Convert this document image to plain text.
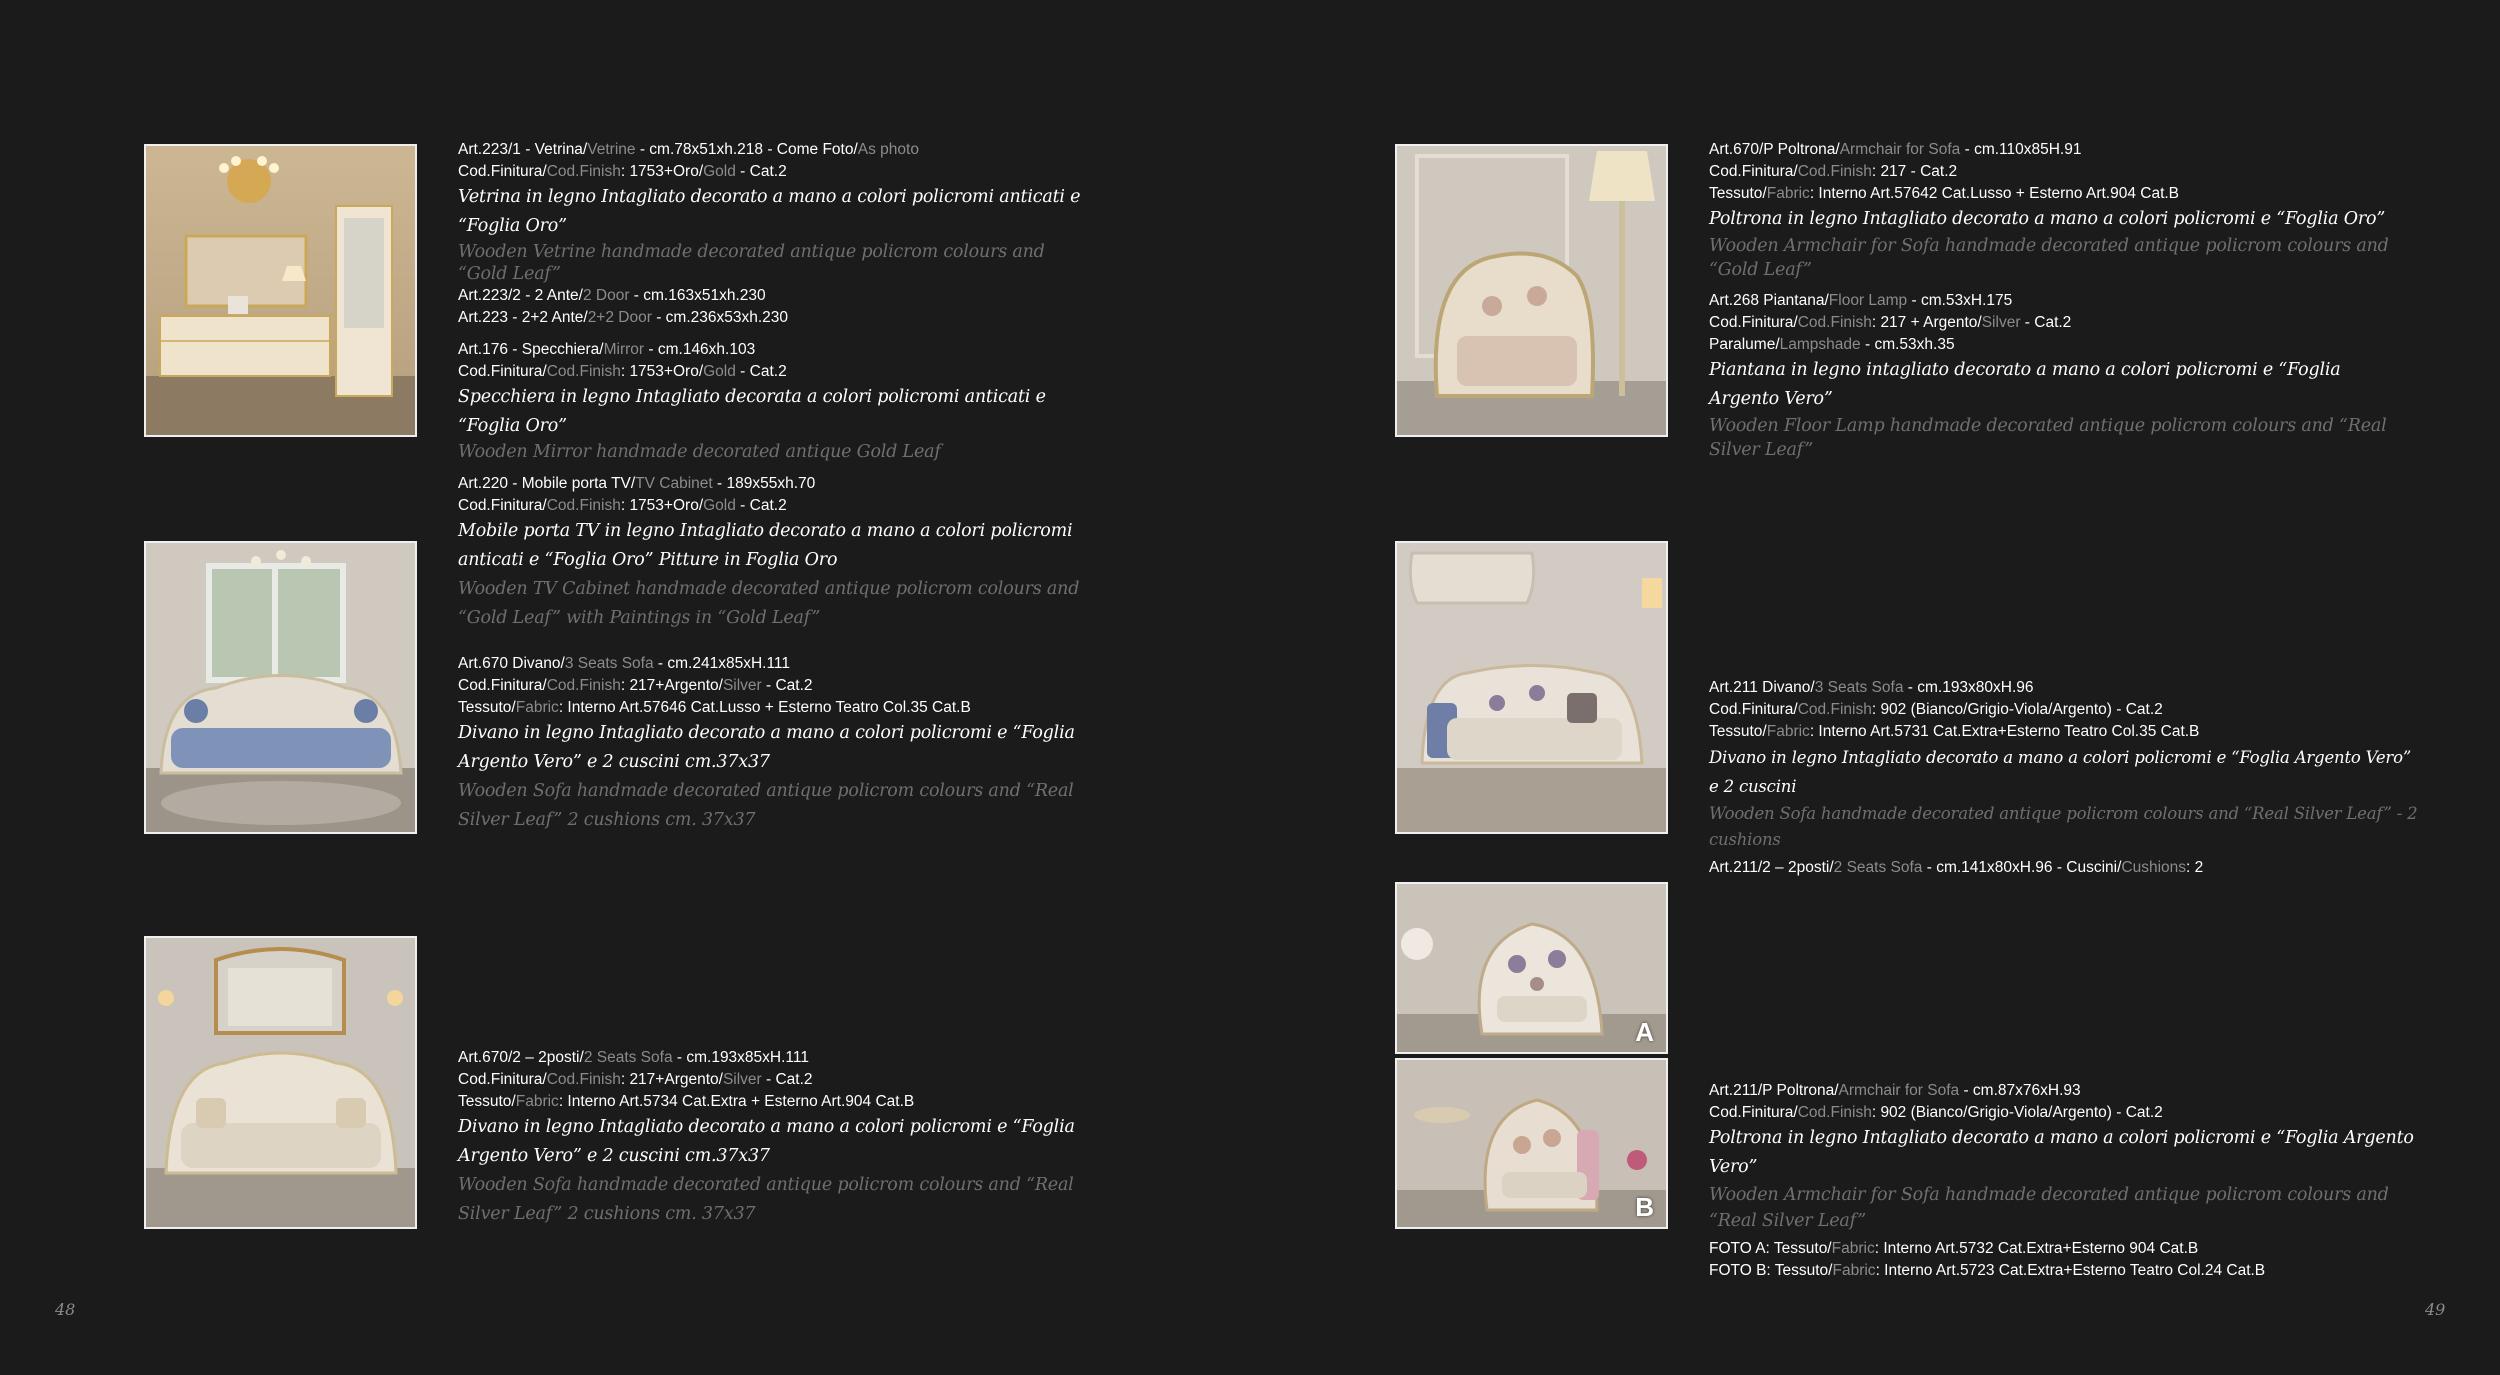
Art.223/1 - Vetrina/Vetrine - cm.78x51xh.218 - Come Foto/As photo
Cod.Finitura/Cod.Finish: 1753+Oro/Gold - Cat.2
Vetrina in legno Intagliato decorato a mano a colori policromi anticati e “Foglia Oro”
Wooden Vetrine handmade decorated antique policrom colours and “Gold Leaf”
Art.223/2 - 2 Ante/2 Door - cm.163x51xh.230
Art.223 - 2+2 Ante/2+2 Door - cm.236x53xh.230
Art.176 - Specchiera/Mirror - cm.146xh.103
Cod.Finitura/Cod.Finish: 1753+Oro/Gold - Cat.2
Specchiera in legno Intagliato decorata a colori policromi anticati e “Foglia Oro”
Wooden Mirror handmade decorated antique Gold Leaf
Art.220 - Mobile porta TV/TV Cabinet - 189x55xh.70
Cod.Finitura/Cod.Finish: 1753+Oro/Gold - Cat.2
Mobile porta TV in legno Intagliato decorato a mano a colori policromi anticati e “Foglia Oro” Pitture in Foglia Oro
Wooden TV Cabinet handmade decorated antique policrom colours and “Gold Leaf” with Paintings in “Gold Leaf”
Art.670 Divano/3 Seats Sofa - cm.241x85xH.111
Cod.Finitura/Cod.Finish: 217+Argento/Silver - Cat.2
Tessuto/Fabric: Interno Art.57646 Cat.Lusso + Esterno Teatro Col.35 Cat.B
Divano in legno Intagliato decorato a mano a colori policromi e “Foglia Argento Vero” e 2 cuscini cm.37x37
Wooden Sofa handmade decorated antique policrom colours and “Real Silver Leaf” 2 cushions cm. 37x37
Art.670/2 – 2posti/2 Seats Sofa - cm.193x85xH.111
Cod.Finitura/Cod.Finish: 217+Argento/Silver - Cat.2
Tessuto/Fabric: Interno Art.5734 Cat.Extra + Esterno Art.904 Cat.B
Divano in legno Intagliato decorato a mano a colori policromi e “Foglia Argento Vero” e 2 cuscini cm.37x37
Wooden Sofa handmade decorated antique policrom colours and “Real Silver Leaf” 2 cushions cm. 37x37
48
A
B
Art.670/P Poltrona/Armchair for Sofa - cm.110x85H.91
Cod.Finitura/Cod.Finish: 217 - Cat.2
Tessuto/Fabric: Interno Art.57642 Cat.Lusso + Esterno Art.904 Cat.B
Poltrona in legno Intagliato decorato a mano a colori policromi e “Foglia Oro”
Wooden Armchair for Sofa handmade decorated antique policrom colours and “Gold Leaf”
Art.268 Piantana/Floor Lamp - cm.53xH.175
Cod.Finitura/Cod.Finish: 217 + Argento/Silver - Cat.2
Paralume/Lampshade - cm.53xh.35
Piantana in legno intagliato decorato a mano a colori policromi e “Foglia Argento Vero”
Wooden Floor Lamp handmade decorated antique policrom colours and “Real Silver Leaf”
Art.211 Divano/3 Seats Sofa - cm.193x80xH.96
Cod.Finitura/Cod.Finish: 902 (Bianco/Grigio-Viola/Argento) - Cat.2
Tessuto/Fabric: Interno Art.5731 Cat.Extra+Esterno Teatro Col.35 Cat.B
Divano in legno Intagliato decorato a mano a colori policromi e “Foglia Argento Vero” e 2 cuscini
Wooden Sofa handmade decorated antique policrom colours and “Real Silver Leaf” - 2 cushions
Art.211/2 – 2posti/2 Seats Sofa - cm.141x80xH.96 - Cuscini/Cushions: 2
Art.211/P Poltrona/Armchair for Sofa - cm.87x76xH.93
Cod.Finitura/Cod.Finish: 902 (Bianco/Grigio-Viola/Argento) - Cat.2
Poltrona in legno Intagliato decorato a mano a colori policromi e “Foglia Argento Vero”
Wooden Armchair for Sofa handmade decorated antique policrom colours and “Real Silver Leaf”
FOTO A: Tessuto/Fabric: Interno Art.5732 Cat.Extra+Esterno 904 Cat.B
FOTO B: Tessuto/Fabric: Interno Art.5723 Cat.Extra+Esterno Teatro Col.24 Cat.B
49
